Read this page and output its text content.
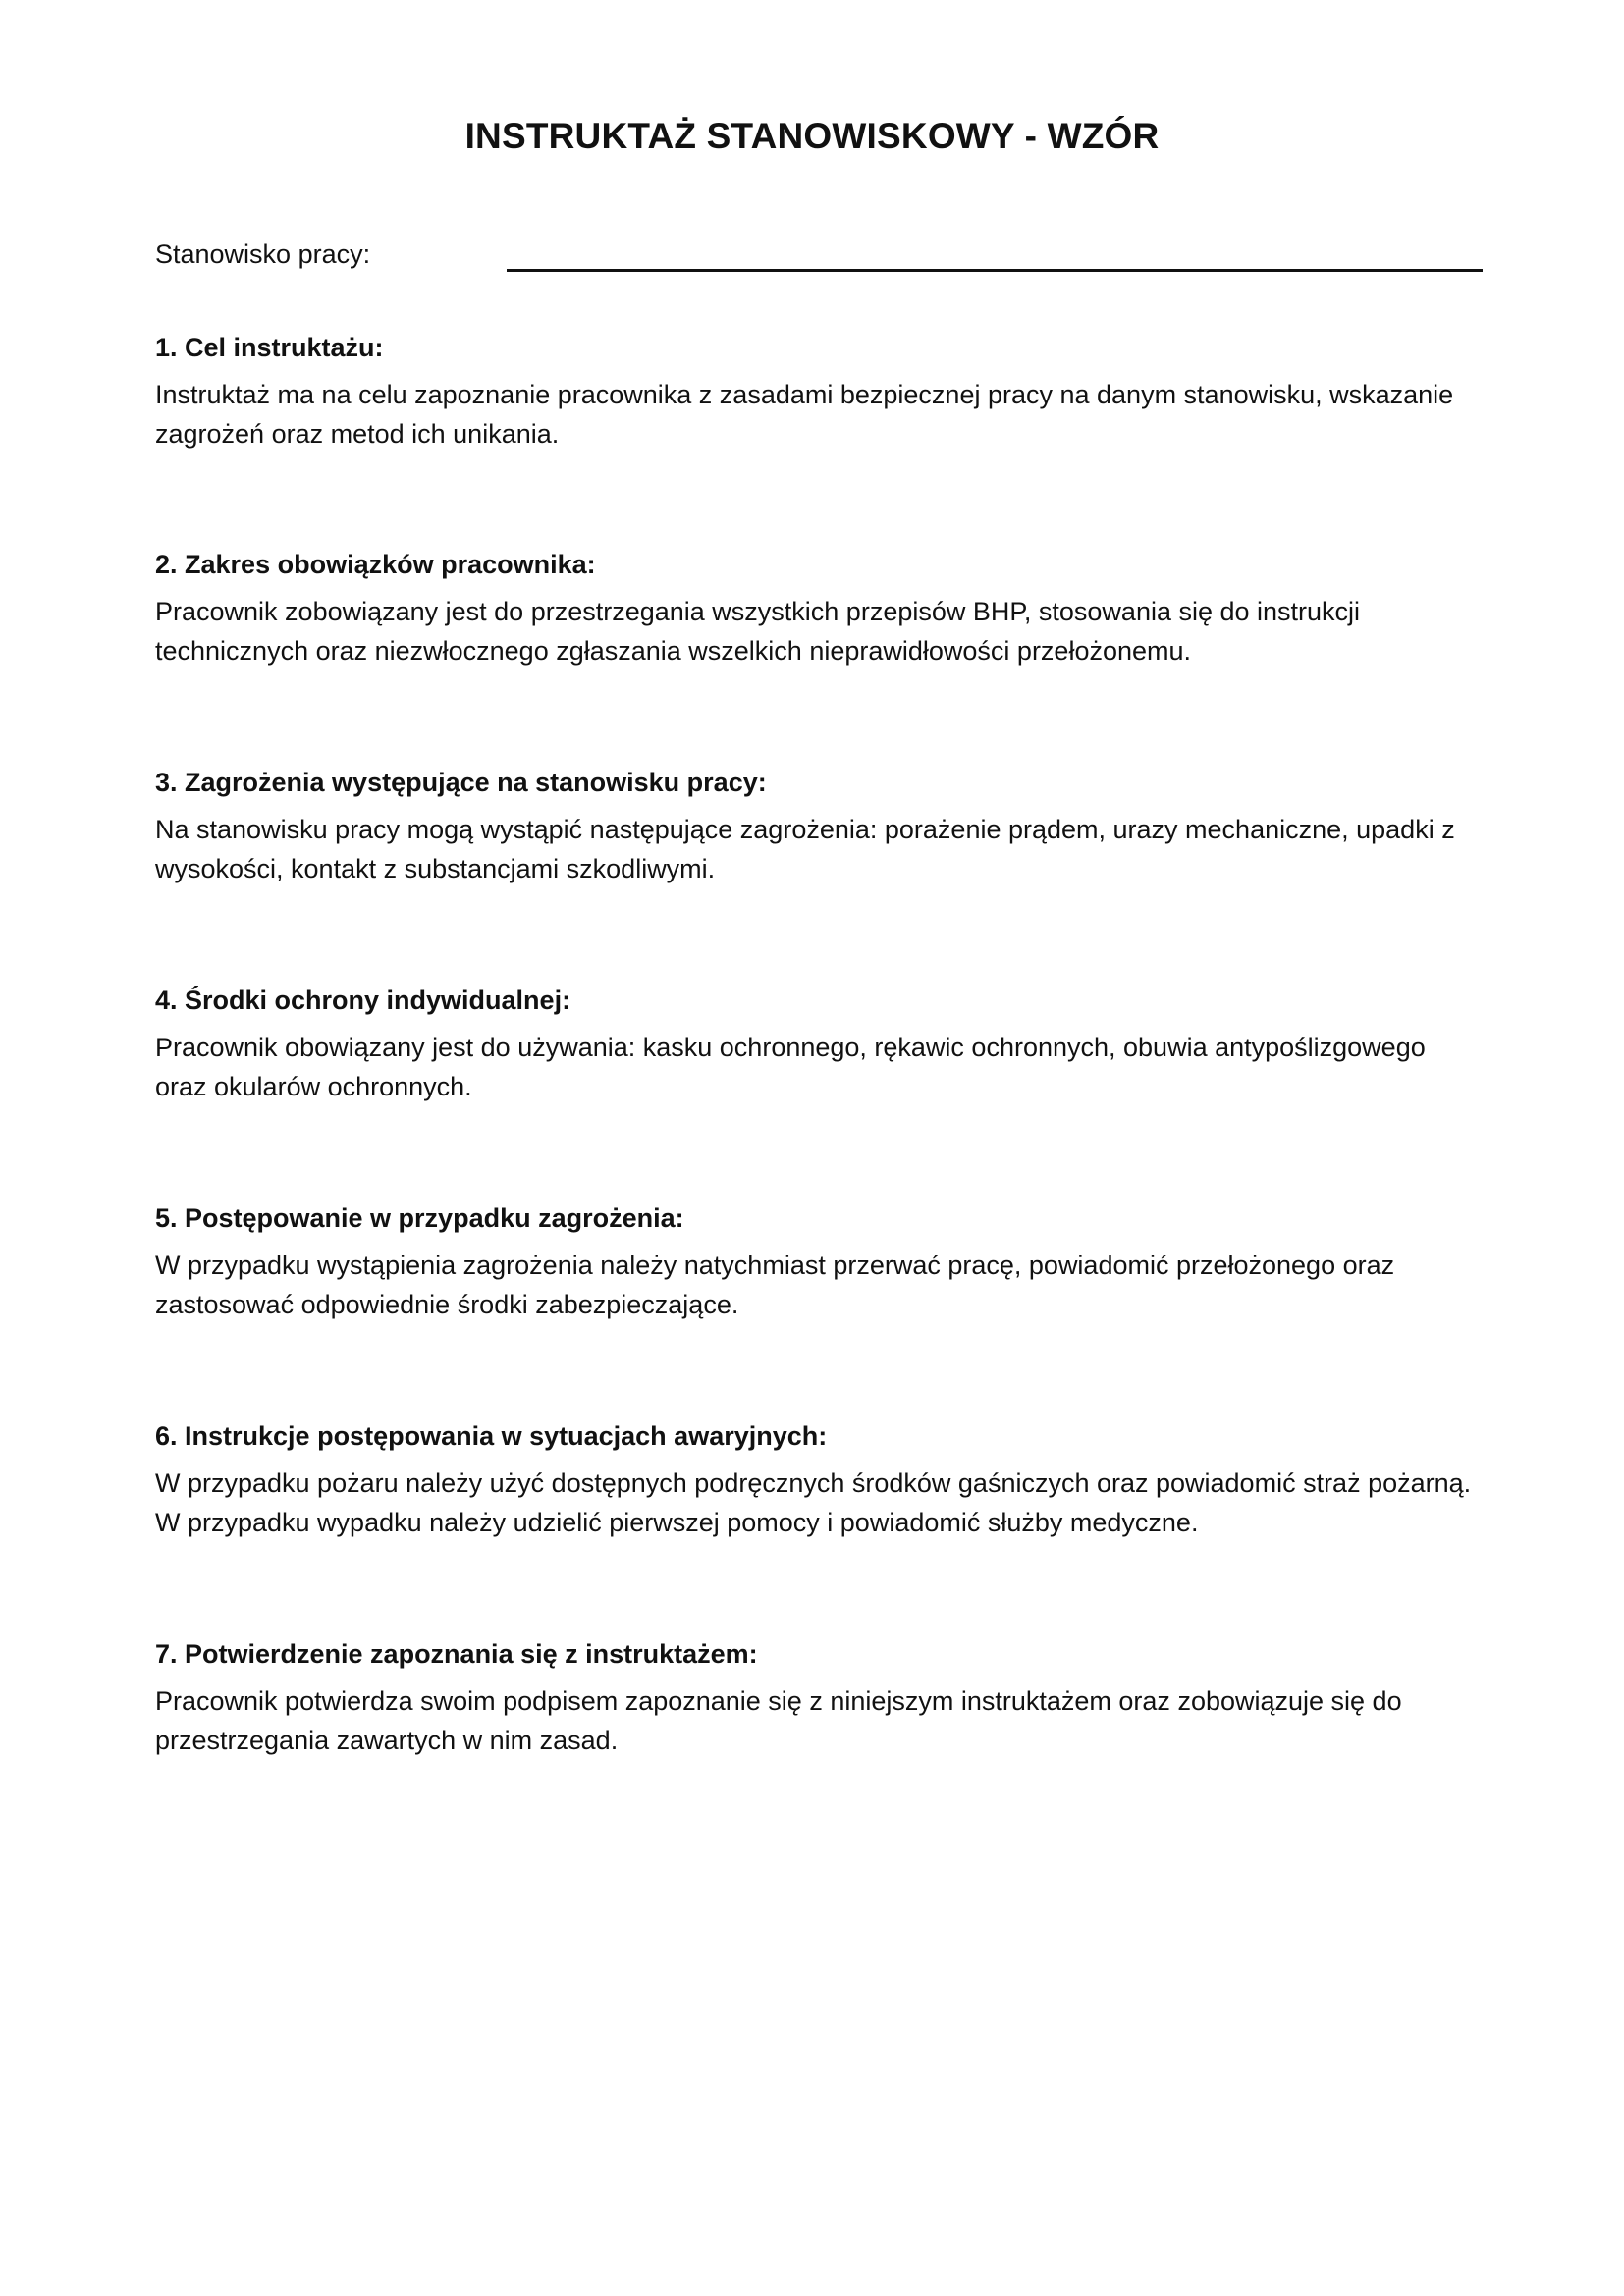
INSTRUKTAŻ STANOWISKOWY - WZÓR
Stanowisko pracy:

1. Cel instruktażu:

Instruktaż ma na celu zapoznanie pracownika z zasadami bezpiecznej pracy na danym stanowisku, wskazanie zagrożeń oraz metod ich unikania.

2. Zakres obowiązków pracownika:

Pracownik zobowiązany jest do przestrzegania wszystkich przepisów BHP, stosowania się do instrukcji technicznych oraz niezwłocznego zgłaszania wszelkich nieprawidłowości przełożonemu.

3. Zagrożenia występujące na stanowisku pracy:

Na stanowisku pracy mogą wystąpić następujące zagrożenia: porażenie prądem, urazy mechaniczne, upadki z wysokości, kontakt z substancjami szkodliwymi.

4. Środki ochrony indywidualnej:

Pracownik obowiązany jest do używania: kasku ochronnego, rękawic ochronnych, obuwia antypoślizgowego oraz okularów ochronnych.

5. Postępowanie w przypadku zagrożenia:

W przypadku wystąpienia zagrożenia należy natychmiast przerwać pracę, powiadomić przełożonego oraz zastosować odpowiednie środki zabezpieczające.

6. Instrukcje postępowania w sytuacjach awaryjnych:

W przypadku pożaru należy użyć dostępnych podręcznych środków gaśniczych oraz powiadomić straż pożarną. W przypadku wypadku należy udzielić pierwszej pomocy i powiadomić służby medyczne.

7. Potwierdzenie zapoznania się z instruktażem:

Pracownik potwierdza swoim podpisem zapoznanie się z niniejszym instruktażem oraz zobowiązuje się do przestrzegania zawartych w nim zasad.
